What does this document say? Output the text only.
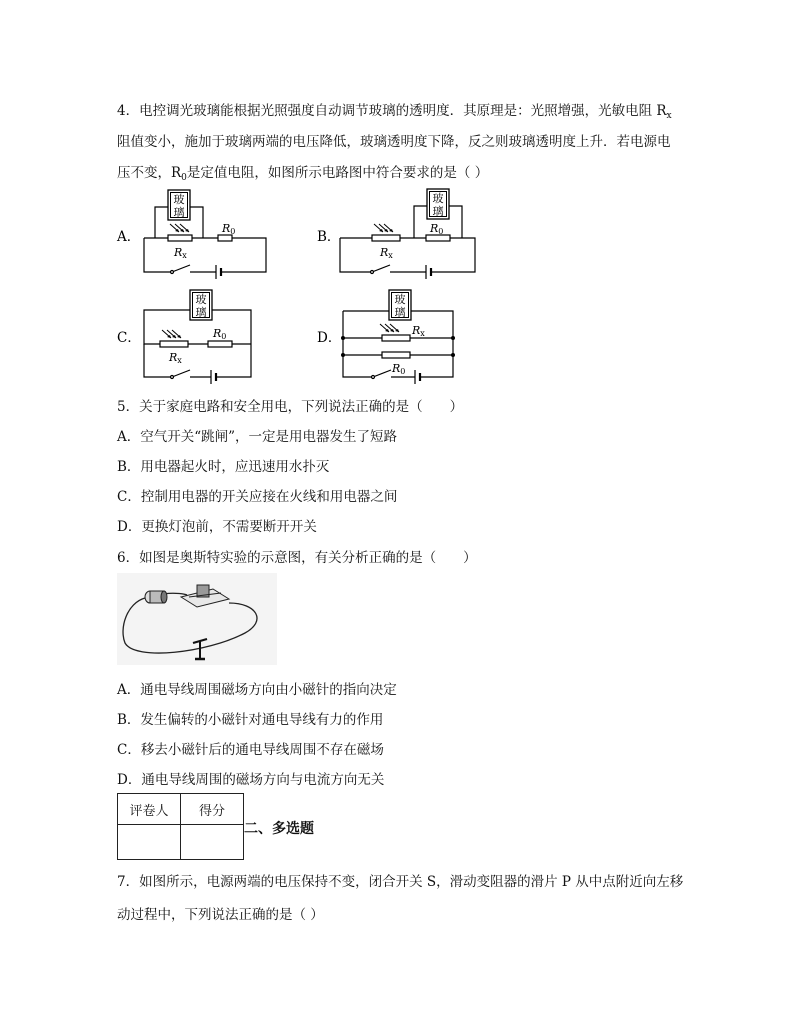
4．电控调光玻璃能根据光照强度自动调节玻璃的透明度．其原理是：光照增强，光敏电阻 $R_x$
阻值变小，施加于玻璃两端的电压降低，玻璃透明度下降，反之则玻璃透明度上升．若电源电
压不变，$R_0$是定值电阻，如图所示电路图中符合要求的是（ ）
玻
璃
玻
璃
玻
璃
玻
璃
A．	B．
C．	D．
R0
Rx
R0
Rx
R0
Rx
Rx
R0
5．关于家庭电路和安全用电，下列说法正确的是（　　）
A．空气开关“跳闸”，一定是用电器发生了短路
B．用电器起火时，应迅速用水扑灭
C．控制用电器的开关应接在火线和用电器之间
D．更换灯泡前，不需要断开开关
6．如图是奥斯特实验的示意图，有关分析正确的是（　　）
A．通电导线周围磁场方向由小磁针的指向决定
B．发生偏转的小磁针对通电导线有力的作用
C．移去小磁针后的通电导线周围不存在磁场
D．通电导线周围的磁场方向与电流方向无关
评卷人	得分

二、多选题
7．如图所示，电源两端的电压保持不变，闭合开关 S，滑动变阻器的滑片 P 从中点附近向左移
动过程中，下列说法正确的是（ ）
